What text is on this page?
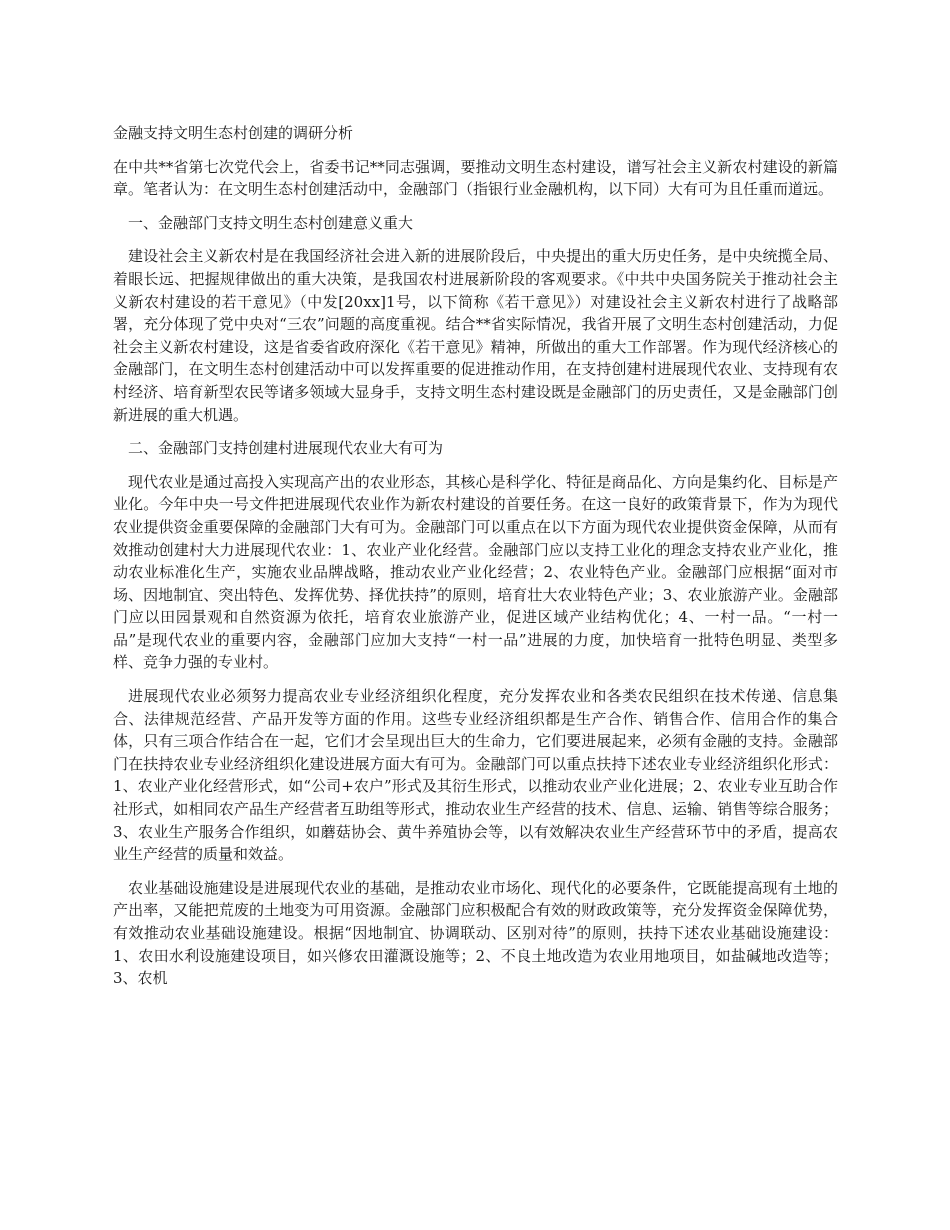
金融支持文明生态村创建的调研分析

在中共**省第七次党代会上，省委书记**同志强调，要推动文明生态村建设，谱写社会主义新农村建设的新篇章。笔者认为：在文明生态村创建活动中，金融部门（指银行业金融机构，以下同）大有可为且任重而道远。

一、金融部门支持文明生态村创建意义重大

建设社会主义新农村是在我国经济社会进入新的进展阶段后，中央提出的重大历史任务，是中央统揽全局、着眼长远、把握规律做出的重大决策，是我国农村进展新阶段的客观要求。《中共中央国务院关于推动社会主义新农村建设的若干意见》（中发[20xx]1号，以下简称《若干意见》）对建设社会主义新农村进行了战略部署，充分体现了党中央对“三农”问题的高度重视。结合**省实际情况，我省开展了文明生态村创建活动，力促社会主义新农村建设，这是省委省政府深化《若干意见》精神，所做出的重大工作部署。作为现代经济核心的金融部门，在文明生态村创建活动中可以发挥重要的促进推动作用，在支持创建村进展现代农业、支持现有农村经济、培育新型农民等诸多领域大显身手，支持文明生态村建设既是金融部门的历史责任，又是金融部门创新进展的重大机遇。

二、金融部门支持创建村进展现代农业大有可为

现代农业是通过高投入实现高产出的农业形态，其核心是科学化、特征是商品化、方向是集约化、目标是产业化。今年中央一号文件把进展现代农业作为新农村建设的首要任务。在这一良好的政策背景下，作为为现代农业提供资金重要保障的金融部门大有可为。金融部门可以重点在以下方面为现代农业提供资金保障，从而有效推动创建村大力进展现代农业：1、农业产业化经营。金融部门应以支持工业化的理念支持农业产业化，推动农业标准化生产，实施农业品牌战略，推动农业产业化经营；2、农业特色产业。金融部门应根据“面对市场、因地制宜、突出特色、发挥优势、择优扶持”的原则，培育壮大农业特色产业；3、农业旅游产业。金融部门应以田园景观和自然资源为依托，培育农业旅游产业，促进区域产业结构优化；4、一村一品。“一村一品”是现代农业的重要内容，金融部门应加大支持“一村一品”进展的力度，加快培育一批特色明显、类型多样、竞争力强的专业村。

进展现代农业必须努力提高农业专业经济组织化程度，充分发挥农业和各类农民组织在技术传递、信息集合、法律规范经营、产品开发等方面的作用。这些专业经济组织都是生产合作、销售合作、信用合作的集合体，只有三项合作结合在一起，它们才会呈现出巨大的生命力，它们要进展起来，必须有金融的支持。金融部门在扶持农业专业经济组织化建设进展方面大有可为。金融部门可以重点扶持下述农业专业经济组织化形式：1、农业产业化经营形式，如“公司+农户”形式及其衍生形式，以推动农业产业化进展；2、农业专业互助合作社形式，如相同农产品生产经营者互助组等形式，推动农业生产经营的技术、信息、运输、销售等综合服务；3、农业生产服务合作组织，如蘑菇协会、黄牛养殖协会等，以有效解决农业生产经营环节中的矛盾，提高农业生产经营的质量和效益。

农业基础设施建设是进展现代农业的基础，是推动农业市场化、现代化的必要条件，它既能提高现有土地的产出率，又能把荒废的土地变为可用资源。金融部门应积极配合有效的财政政策等，充分发挥资金保障优势，有效推动农业基础设施建设。根据“因地制宜、协调联动、区别对待”的原则，扶持下述农业基础设施建设：1、农田水利设施建设项目，如兴修农田灌溉设施等；2、不良土地改造为农业用地项目，如盐碱地改造等；3、农机
